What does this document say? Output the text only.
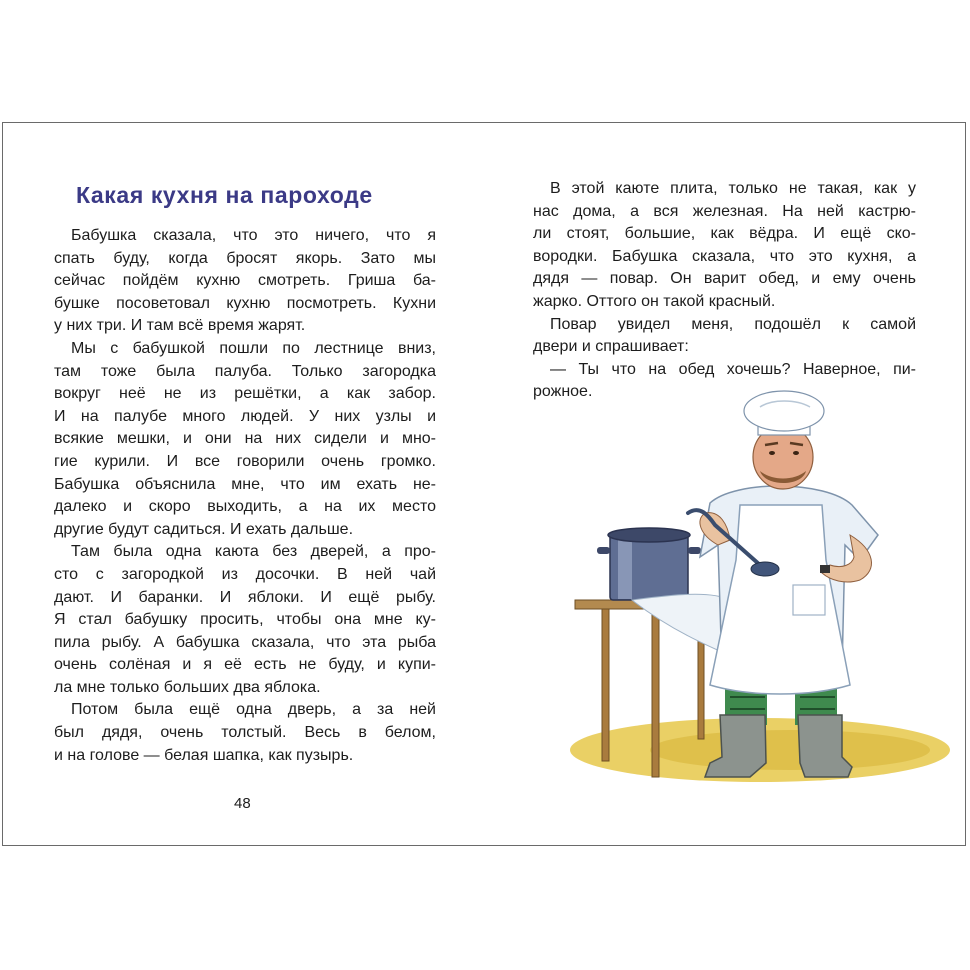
Какая кухня на пароходе

Бабушка сказала, что это ничего, что я
спать буду, когда бросят якорь. Зато мы
сейчас пойдём кухню смотреть. Гриша ба-
бушке посоветовал кухню посмотреть. Кухни
у них три. И там всё время жарят.

Мы с бабушкой пошли по лестнице вниз,
там тоже была палуба. Только загородка
вокруг неё не из решётки, а как забор.
И на палубе много людей. У них узлы и
всякие мешки, и они на них сидели и мно-
гие курили. И все говорили очень громко.
Бабушка объяснила мне, что им ехать не-
далеко и скоро выходить, а на их место
другие будут садиться. И ехать дальше.

Там была одна каюта без дверей, а про-
сто с загородкой из досочки. В ней чай
дают. И баранки. И яблоки. И ещё рыбу.
Я стал бабушку просить, чтобы она мне ку-
пила рыбу. А бабушка сказала, что эта рыба
очень солёная и я её есть не буду, и купи-
ла мне только больших два яблока.

Потом была ещё одна дверь, а за ней
был дядя, очень толстый. Весь в белом,
и на голове — белая шапка, как пузырь.

В этой каюте плита, только не такая, как у
нас дома, а вся железная. На ней кастрю-
ли стоят, большие, как вёдра. И ещё ско-
вородки. Бабушка сказала, что это кухня, а
дядя — повар. Он варит обед, и ему очень
жарко. Оттого он такой красный.

Повар увидел меня, подошёл к самой
двери и спрашивает:

— Ты что на обед хочешь? Наверное, пи-
рожное.

48
